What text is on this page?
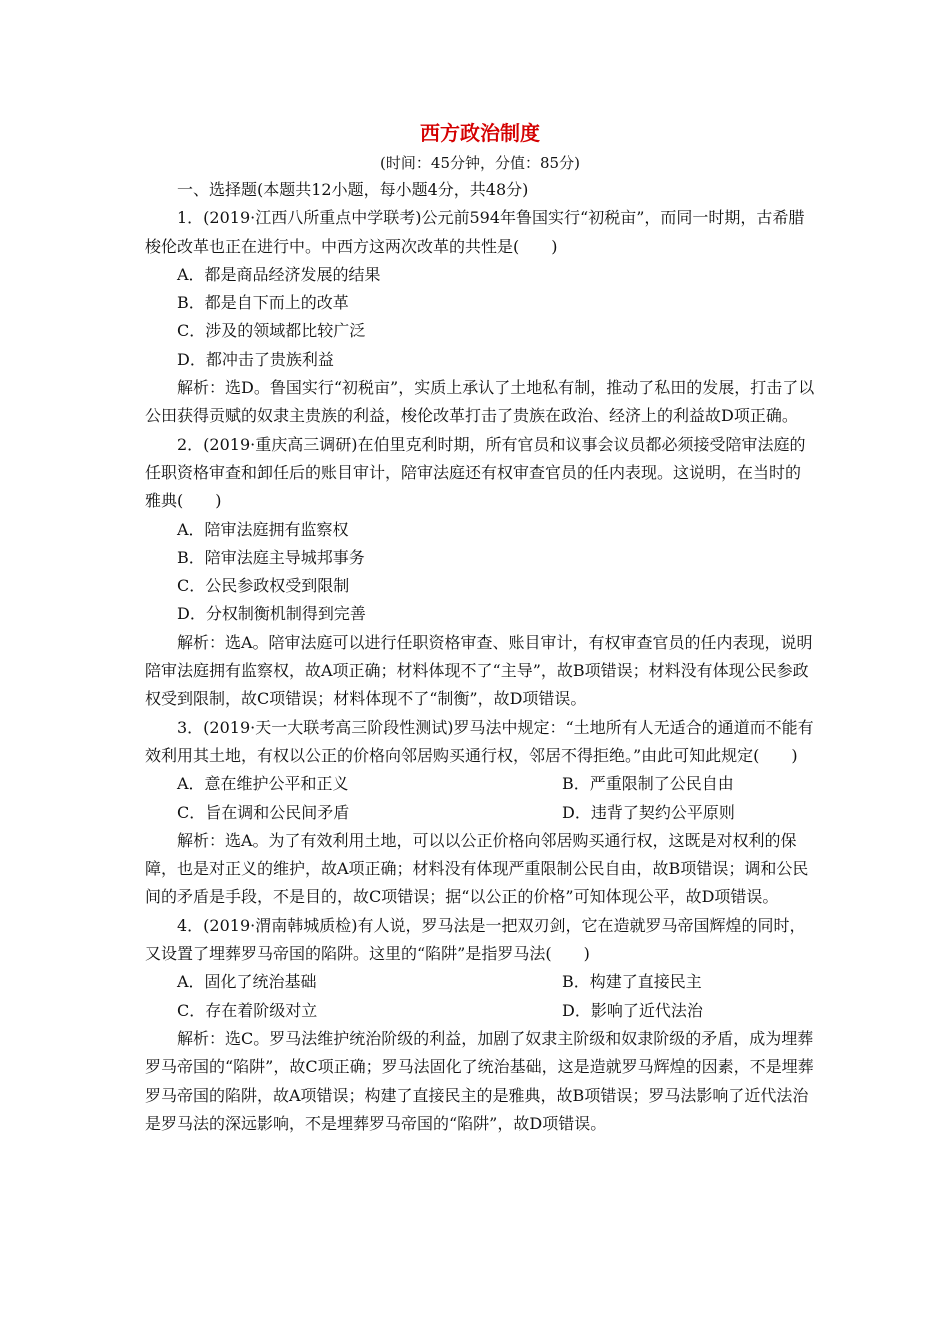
西方政治制度

(时间：45分钟，分值：85分)

一、选择题(本题共12小题，每小题4分，共48分)

1．(2019·江西八所重点中学联考)公元前594年鲁国实行“初税亩”，而同一时期，古希腊梭伦改革也正在进行中。中西方这两次改革的共性是(　　)

A．都是商品经济发展的结果

B．都是自下而上的改革

C．涉及的领域都比较广泛

D．都冲击了贵族利益

解析：选D。鲁国实行“初税亩”，实质上承认了土地私有制，推动了私田的发展，打击了以公田获得贡赋的奴隶主贵族的利益，梭伦改革打击了贵族在政治、经济上的利益故D项正确。

2．(2019·重庆高三调研)在伯里克利时期，所有官员和议事会议员都必须接受陪审法庭的任职资格审查和卸任后的账目审计，陪审法庭还有权审查官员的任内表现。这说明，在当时的雅典(　　)

A．陪审法庭拥有监察权

B．陪审法庭主导城邦事务

C．公民参政权受到限制

D．分权制衡机制得到完善

解析：选A。陪审法庭可以进行任职资格审查、账目审计，有权审查官员的任内表现，说明陪审法庭拥有监察权，故A项正确；材料体现不了“主导”，故B项错误；材料没有体现公民参政权受到限制，故C项错误；材料体现不了“制衡”，故D项错误。

3．(2019·天一大联考高三阶段性测试)罗马法中规定：“土地所有人无适合的通道而不能有效利用其土地，有权以公正的价格向邻居购买通行权，邻居不得拒绝。”由此可知此规定(　　)

A．意在维护公平和正义	B．严重限制了公民自由
C．旨在调和公民间矛盾	D．违背了契约公平原则

解析：选A。为了有效利用土地，可以以公正价格向邻居购买通行权，这既是对权利的保障，也是对正义的维护，故A项正确；材料没有体现严重限制公民自由，故B项错误；调和公民间的矛盾是手段，不是目的，故C项错误；据“以公正的价格”可知体现公平，故D项错误。

4．(2019·渭南韩城质检)有人说，罗马法是一把双刃剑，它在造就罗马帝国辉煌的同时，又设置了埋葬罗马帝国的陷阱。这里的“陷阱”是指罗马法(　　)

A．固化了统治基础	B．构建了直接民主
C．存在着阶级对立	D．影响了近代法治

解析：选C。罗马法维护统治阶级的利益，加剧了奴隶主阶级和奴隶阶级的矛盾，成为埋葬罗马帝国的“陷阱”，故C项正确；罗马法固化了统治基础，这是造就罗马辉煌的因素，不是埋葬罗马帝国的陷阱，故A项错误；构建了直接民主的是雅典，故B项错误；罗马法影响了近代法治是罗马法的深远影响，不是埋葬罗马帝国的“陷阱”，故D项错误。
